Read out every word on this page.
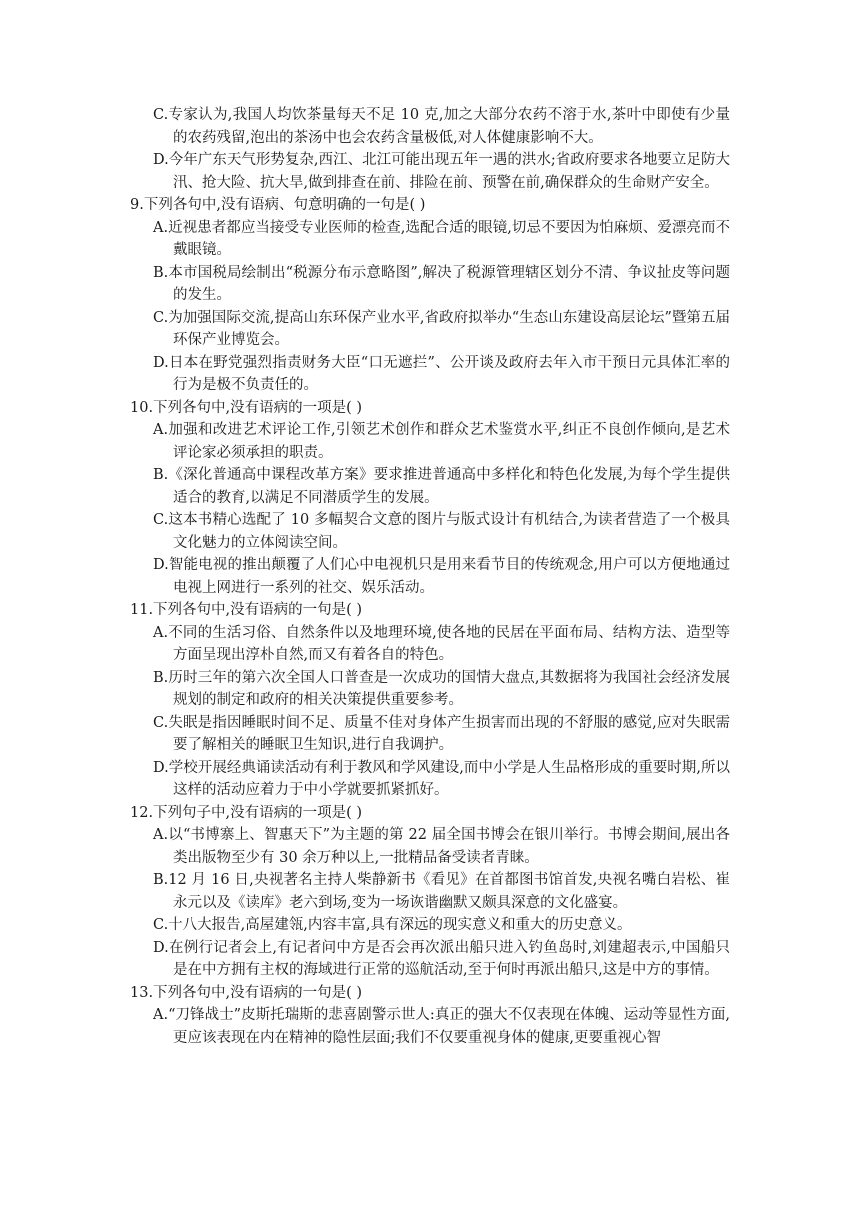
C.专家认为,我国人均饮茶量每天不足 10 克,加之大部分农药不溶于水,茶叶中即使有少量的农药残留,泡出的茶汤中也会农药含量极低,对人体健康影响不大。
D.今年广东天气形势复杂,西江、北江可能出现五年一遇的洪水;省政府要求各地要立足防大汛、抢大险、抗大旱,做到排查在前、排险在前、预警在前,确保群众的生命财产安全。
9.下列各句中,没有语病、句意明确的一句是( )
A.近视患者都应当接受专业医师的检查,选配合适的眼镜,切忌不要因为怕麻烦、爱漂亮而不戴眼镜。
B.本市国税局绘制出“税源分布示意略图”,解决了税源管理辖区划分不清、争议扯皮等问题的发生。
C.为加强国际交流,提高山东环保产业水平,省政府拟举办“生态山东建设高层论坛”暨第五届环保产业博览会。
D.日本在野党强烈指责财务大臣“口无遮拦”、公开谈及政府去年入市干预日元具体汇率的行为是极不负责任的。
10.下列各句中,没有语病的一项是( )
A.加强和改进艺术评论工作,引领艺术创作和群众艺术鉴赏水平,纠正不良创作倾向,是艺术评论家必须承担的职责。
B.《深化普通高中课程改革方案》要求推进普通高中多样化和特色化发展,为每个学生提供适合的教育,以满足不同潜质学生的发展。
C.这本书精心选配了 10 多幅契合文意的图片与版式设计有机结合,为读者营造了一个极具文化魅力的立体阅读空间。
D.智能电视的推出颠覆了人们心中电视机只是用来看节目的传统观念,用户可以方便地通过电视上网进行一系列的社交、娱乐活动。
11.下列各句中,没有语病的一句是( )
A.不同的生活习俗、自然条件以及地理环境,使各地的民居在平面布局、结构方法、造型等方面呈现出淳朴自然,而又有着各自的特色。
B.历时三年的第六次全国人口普查是一次成功的国情大盘点,其数据将为我国社会经济发展规划的制定和政府的相关决策提供重要参考。
C.失眠是指因睡眠时间不足、质量不佳对身体产生损害而出现的不舒服的感觉,应对失眠需要了解相关的睡眠卫生知识,进行自我调护。
D.学校开展经典诵读活动有利于教风和学风建设,而中小学是人生品格形成的重要时期,所以这样的活动应着力于中小学就要抓紧抓好。
12.下列句子中,没有语病的一项是( )
A.以“书博寨上、智惠天下”为主题的第 22 届全国书博会在银川举行。书博会期间,展出各类出版物至少有 30 余万种以上,一批精品备受读者青睐。
B.12 月 16 日,央视著名主持人柴静新书《看见》在首都图书馆首发,央视名嘴白岩松、崔永元以及《读库》老六到场,变为一场诙谐幽默又颇具深意的文化盛宴。
C.十八大报告,高屋建瓴,内容丰富,具有深远的现实意义和重大的历史意义。
D.在例行记者会上,有记者问中方是否会再次派出船只进入钓鱼岛时,刘建超表示,中国船只是在中方拥有主权的海域进行正常的巡航活动,至于何时再派出船只,这是中方的事情。
13.下列各句中,没有语病的一句是( )
A.“刀锋战士”皮斯托瑞斯的悲喜剧警示世人:真正的强大不仅表现在体魄、运动等显性方面,更应该表现在内在精神的隐性层面;我们不仅要重视身体的健康,更要重视心智
